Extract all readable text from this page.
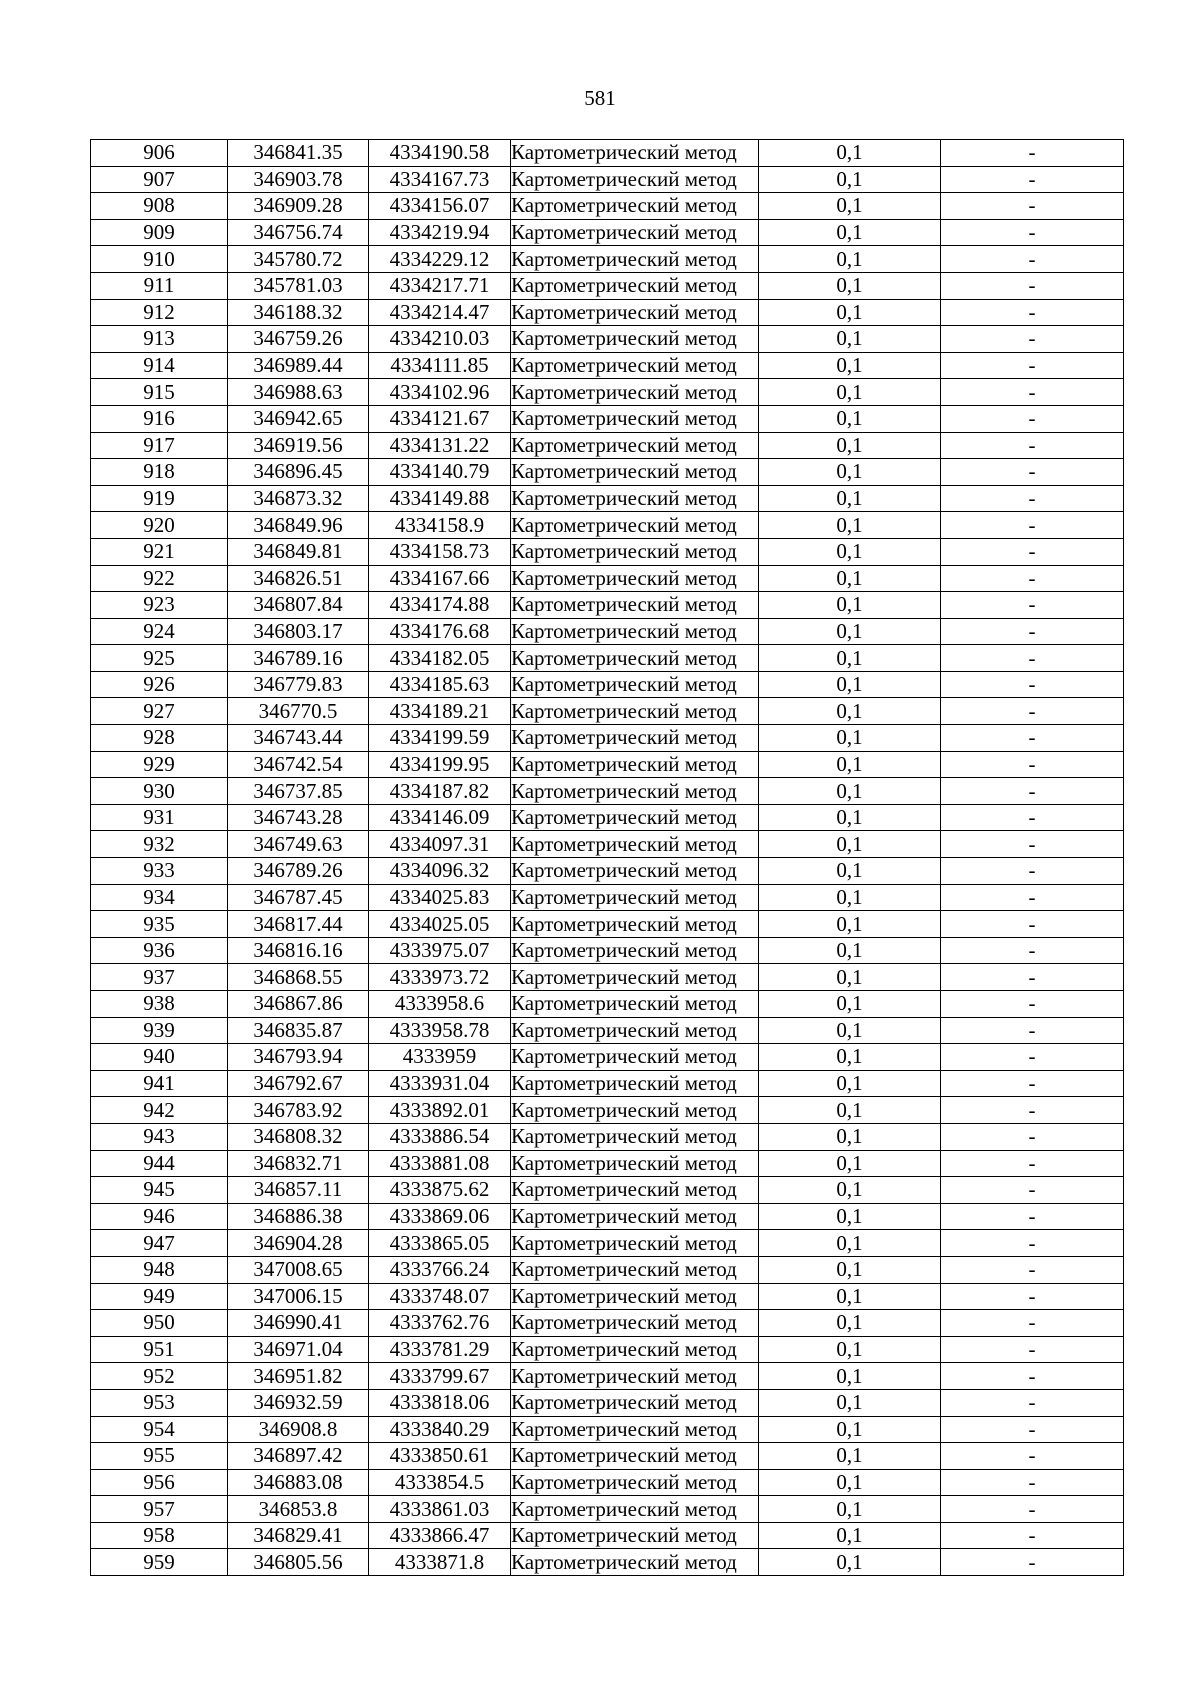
581
906	346841.35	4334190.58	Картометрический метод	0,1	-
907	346903.78	4334167.73	Картометрический метод	0,1	-
908	346909.28	4334156.07	Картометрический метод	0,1	-
909	346756.74	4334219.94	Картометрический метод	0,1	-
910	345780.72	4334229.12	Картометрический метод	0,1	-
911	345781.03	4334217.71	Картометрический метод	0,1	-
912	346188.32	4334214.47	Картометрический метод	0,1	-
913	346759.26	4334210.03	Картометрический метод	0,1	-
914	346989.44	4334111.85	Картометрический метод	0,1	-
915	346988.63	4334102.96	Картометрический метод	0,1	-
916	346942.65	4334121.67	Картометрический метод	0,1	-
917	346919.56	4334131.22	Картометрический метод	0,1	-
918	346896.45	4334140.79	Картометрический метод	0,1	-
919	346873.32	4334149.88	Картометрический метод	0,1	-
920	346849.96	4334158.9	Картометрический метод	0,1	-
921	346849.81	4334158.73	Картометрический метод	0,1	-
922	346826.51	4334167.66	Картометрический метод	0,1	-
923	346807.84	4334174.88	Картометрический метод	0,1	-
924	346803.17	4334176.68	Картометрический метод	0,1	-
925	346789.16	4334182.05	Картометрический метод	0,1	-
926	346779.83	4334185.63	Картометрический метод	0,1	-
927	346770.5	4334189.21	Картометрический метод	0,1	-
928	346743.44	4334199.59	Картометрический метод	0,1	-
929	346742.54	4334199.95	Картометрический метод	0,1	-
930	346737.85	4334187.82	Картометрический метод	0,1	-
931	346743.28	4334146.09	Картометрический метод	0,1	-
932	346749.63	4334097.31	Картометрический метод	0,1	-
933	346789.26	4334096.32	Картометрический метод	0,1	-
934	346787.45	4334025.83	Картометрический метод	0,1	-
935	346817.44	4334025.05	Картометрический метод	0,1	-
936	346816.16	4333975.07	Картометрический метод	0,1	-
937	346868.55	4333973.72	Картометрический метод	0,1	-
938	346867.86	4333958.6	Картометрический метод	0,1	-
939	346835.87	4333958.78	Картометрический метод	0,1	-
940	346793.94	4333959	Картометрический метод	0,1	-
941	346792.67	4333931.04	Картометрический метод	0,1	-
942	346783.92	4333892.01	Картометрический метод	0,1	-
943	346808.32	4333886.54	Картометрический метод	0,1	-
944	346832.71	4333881.08	Картометрический метод	0,1	-
945	346857.11	4333875.62	Картометрический метод	0,1	-
946	346886.38	4333869.06	Картометрический метод	0,1	-
947	346904.28	4333865.05	Картометрический метод	0,1	-
948	347008.65	4333766.24	Картометрический метод	0,1	-
949	347006.15	4333748.07	Картометрический метод	0,1	-
950	346990.41	4333762.76	Картометрический метод	0,1	-
951	346971.04	4333781.29	Картометрический метод	0,1	-
952	346951.82	4333799.67	Картометрический метод	0,1	-
953	346932.59	4333818.06	Картометрический метод	0,1	-
954	346908.8	4333840.29	Картометрический метод	0,1	-
955	346897.42	4333850.61	Картометрический метод	0,1	-
956	346883.08	4333854.5	Картометрический метод	0,1	-
957	346853.8	4333861.03	Картометрический метод	0,1	-
958	346829.41	4333866.47	Картометрический метод	0,1	-
959	346805.56	4333871.8	Картометрический метод	0,1	-
